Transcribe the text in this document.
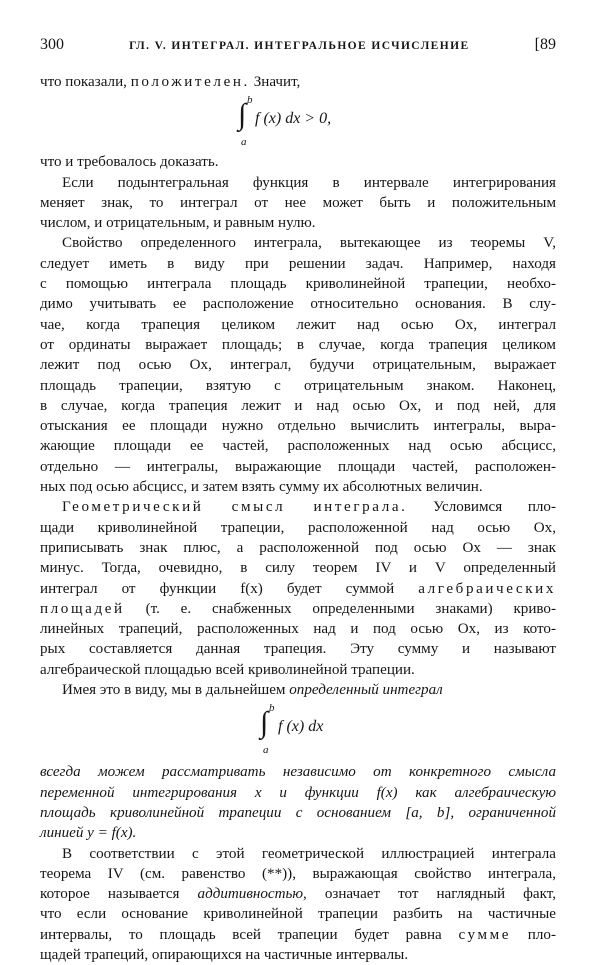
300	ГЛ. V. ИНТЕГРАЛ. ИНТЕГРАЛЬНОЕ ИСЧИСЛЕНИЕ	[89

что показали, положителен. Значит,

b
∫
a
f (x) dx > 0,

что и требовалось доказать.

Если подынтегральная функция в интервале интегрирования
меняет знак, то интеграл от нее может быть и положительным
числом, и отрицательным, и равным нулю.

Свойство определенного интеграла, вытекающее из теоремы V,
следует иметь в виду при решении задач. Например, находя
с помощью интеграла площадь криволинейной трапеции, необхо-
димо учитывать ее расположение относительно основания. В слу-
чае, когда трапеция целиком лежит над осью Ox, интеграл
от ординаты выражает площадь; в случае, когда трапеция целиком
лежит под осью Ox, интеграл, будучи отрицательным, выражает
площадь трапеции, взятую с отрицательным знаком. Наконец,
в случае, когда трапеция лежит и над осью Ox, и под ней, для
отыскания ее площади нужно отдельно вычислить интегралы, выра-
жающие площади ее частей, расположенных над осью абсцисс,
отдельно — интегралы, выражающие площади частей, расположен-
ных под осью абсцисс, и затем взять сумму их абсолютных величин.

Геометрический смысл интеграла. Условимся пло-
щади криволинейной трапеции, расположенной над осью Ox,
приписывать знак плюс, а расположенной под осью Ox — знак
минус. Тогда, очевидно, в силу теорем IV и V определенный
интеграл от функции f(x) будет суммой алгебраических
площадей (т. е. снабженных определенными знаками) криво-
линейных трапеций, расположенных над и под осью Ox, из кото-
рых составляется данная трапеция. Эту сумму и называют
алгебраической площадью всей криволинейной трапеции.

Имея это в виду, мы в дальнейшем определенный интеграл

b
∫
a
f (x) dx

всегда можем рассматривать независимо от конкретного смысла
переменной интегрирования x и функции f(x) как алгебраическую
площадь криволинейной трапеции с основанием [a, b], ограниченной
линией y = f(x).

В соответствии с этой геометрической иллюстрацией интеграла
теорема IV (см. равенство (**)), выражающая свойство интеграла,
которое называется аддитивностью, означает тот наглядный факт,
что если основание криволинейной трапеции разбить на частичные
интервалы, то площадь всей трапеции будет равна сумме пло-
щадей трапеций, опирающихся на частичные интервалы.
